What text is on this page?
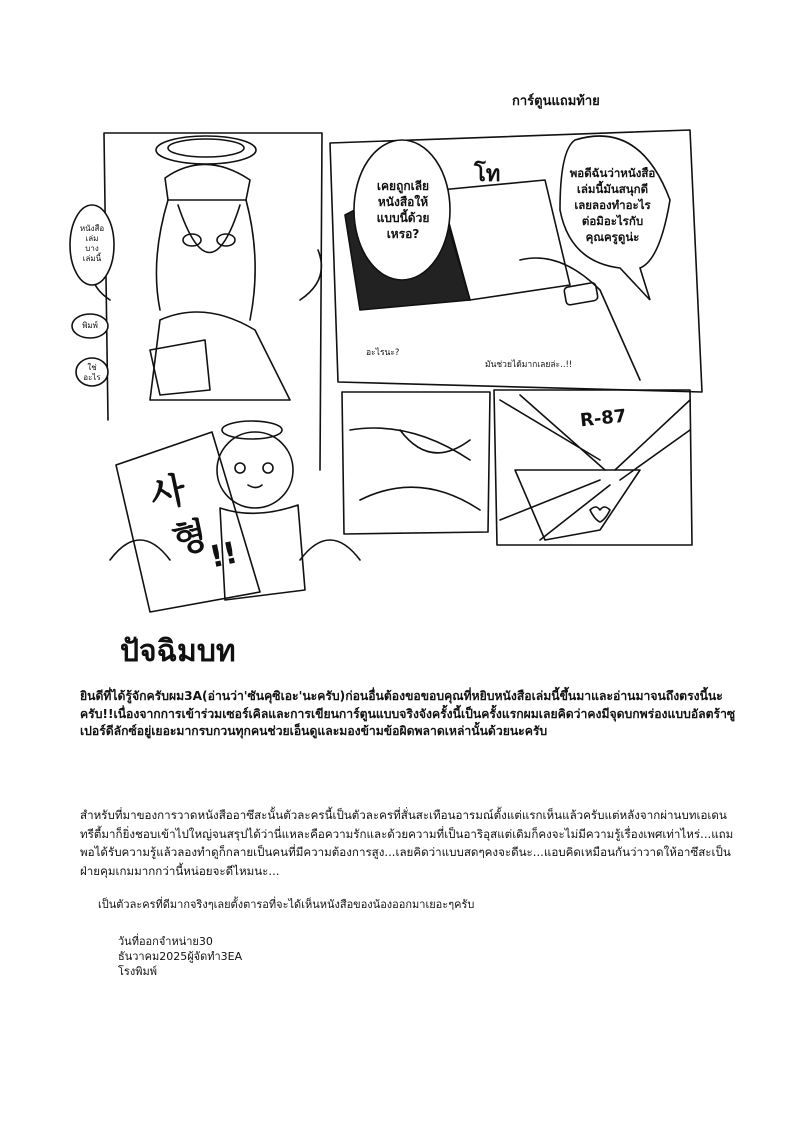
การ์ตูนแถมท้าย
เคยถูกเลีย
หนังสือให้
แบบนี้ด้วย
เหรอ?
พอดีฉันว่าหนังสือ
เล่มนี้มันสนุกดี
เลยลองทำอะไร
ต่อมิอะไรกับ
คุณครูดูน่ะ
โท
หนังสือ
เล่ม
บาง
เล่มนี้
พิมพ์
ใช่
อะไร
อะไรนะ?
มันช่วยได้มากเลยล่ะ..!!
사
형
!!
R-87
ปัจฉิมบท
ยินดีที่ได้รู้จักครับผม3A(อ่านว่า'ซันคุซิเอะ'นะครับ)ก่อนอื่นต้องขอขอบคุณที่หยิบหนังสือเล่มนี้ขึ้นมาและอ่านมาจนถึงตรงนี้นะครับ!!เนื่องจากการเข้าร่วมเซอร์เคิลและการเขียนการ์ตูนแบบจริงจังครั้งนี้เป็นครั้งแรกผมเลยคิดว่าคงมีจุดบกพร่องแบบอัลตร้าซูเปอร์ดีลักซ์อยู่เยอะมากรบกวนทุกคนช่วยเอ็นดูและมองข้ามข้อผิดพลาดเหล่านั้นด้วยนะครับ
สำหรับที่มาของการวาดหนังสืออาซึสะนั้นตัวละครนี้เป็นตัวละครที่สั่นสะเทือนอารมณ์ตั้งแต่แรกเห็นแล้วครับแต่หลังจากผ่านบทเอเดนทรีตี้มาก็ยิ่งชอบเข้าไปใหญ่จนสรุปได้ว่านี่แหละคือความรักและด้วยความที่เป็นอาริอุสแต่เดิมก็คงจะไม่มีความรู้เรื่องเพศเท่าไหร่...แถมพอได้รับความรู้แล้วลองทำดูก็กลายเป็นคนที่มีความต้องการสูง...เลยคิดว่าแบบสดๆคงจะดีนะ...แอบคิดเหมือนกันว่าวาดให้อาซึสะเป็นฝ่ายคุมเกมมากกว่านี้หน่อยจะดีไหมนะ...
เป็นตัวละครที่ดีมากจริงๆเลยตั้งตารอที่จะได้เห็นหนังสือของน้องออกมาเยอะๆครับ
วันที่ออกจำหน่าย30
ธันวาคม2025ผู้จัดทำ3EA
โรงพิมพ์
